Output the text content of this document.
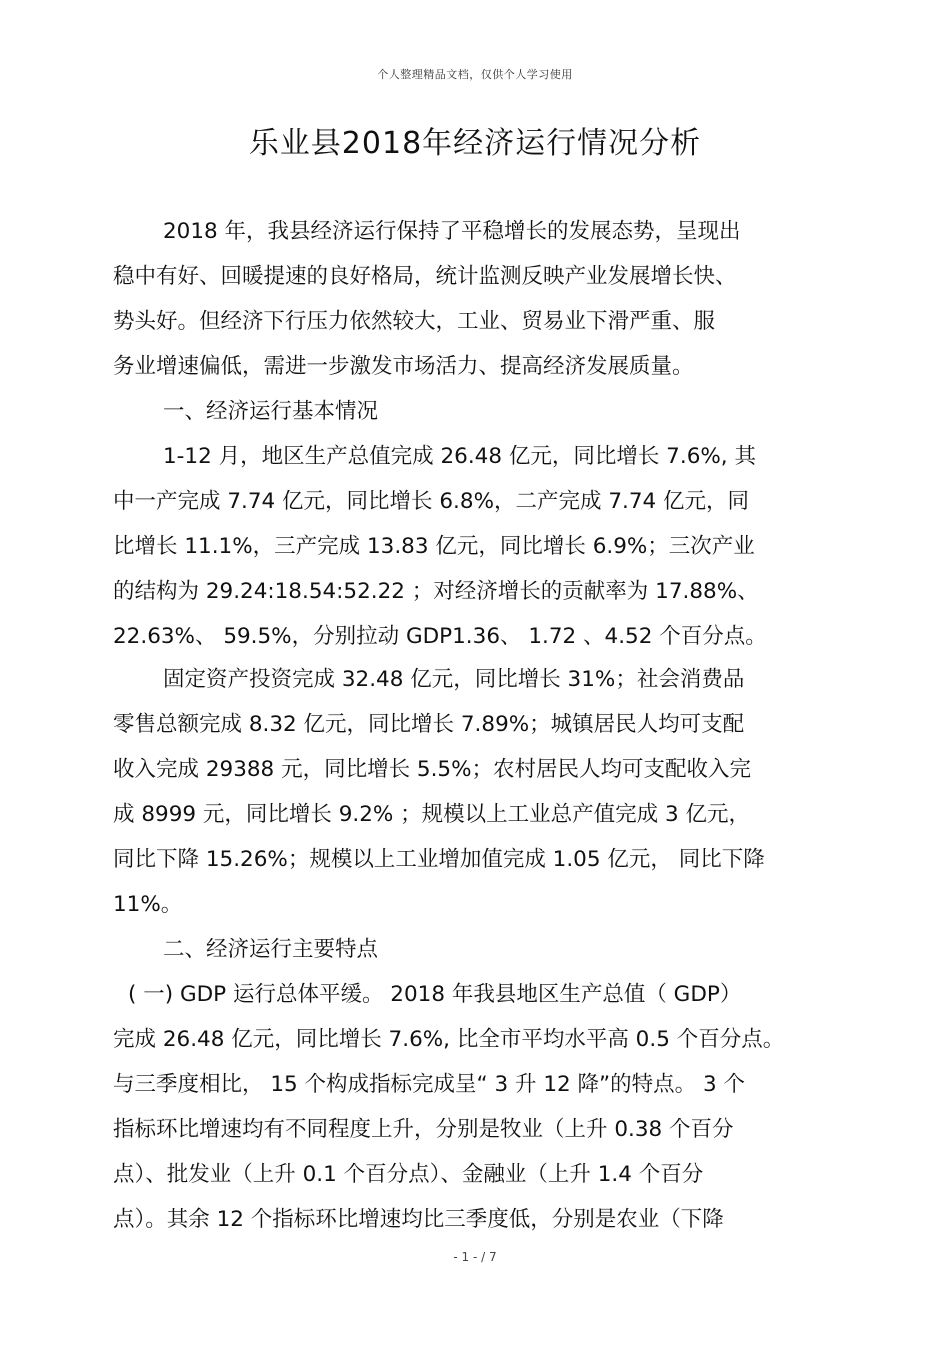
个人整理精品文档，仅供个人学习使用
乐业县2018年经济运行情况分析
2018 年，我县经济运行保持了平稳增长的发展态势，呈现出
稳中有好、回暖提速的良好格局，统计监测反映产业发展增长快、
势头好。但经济下行压力依然较大，工业、贸易业下滑严重、服
务业增速偏低，需进一步激发市场活力、提高经济发展质量。
一、经济运行基本情况
1-12 月，地区生产总值完成 26.48 亿元，同比增长 7.6%, 其
中一产完成 7.74 亿元，同比增长 6.8%，二产完成 7.74 亿元，同
比增长 11.1%，三产完成 13.83 亿元，同比增长 6.9%；三次产业
的结构为 29.24:18.54:52.22 ；对经济增长的贡献率为 17.88%、
22.63%、 59.5%，分别拉动 GDP1.36、 1.72 、4.52 个百分点。
固定资产投资完成 32.48 亿元，同比增长 31%；社会消费品
零售总额完成 8.32 亿元，同比增长 7.89%；城镇居民人均可支配
收入完成 29388 元，同比增长 5.5%；农村居民人均可支配收入完
成 8999 元，同比增长 9.2% ；规模以上工业总产值完成 3 亿元，
同比下降 15.26%；规模以上工业增加值完成 1.05 亿元， 同比下降
11%。
二、经济运行主要特点
( 一) GDP 运行总体平缓。 2018 年我县地区生产总值（ GDP）
完成 26.48 亿元，同比增长 7.6%, 比全市平均水平高 0.5 个百分点。
与三季度相比， 15 个构成指标完成呈“ 3 升 12 降”的特点。 3 个
指标环比增速均有不同程度上升，分别是牧业（上升 0.38 个百分
点）、批发业（上升 0.1 个百分点）、金融业（上升 1.4 个百分
点）。其余 12 个指标环比增速均比三季度低，分别是农业（下降
- 1 - / 7
